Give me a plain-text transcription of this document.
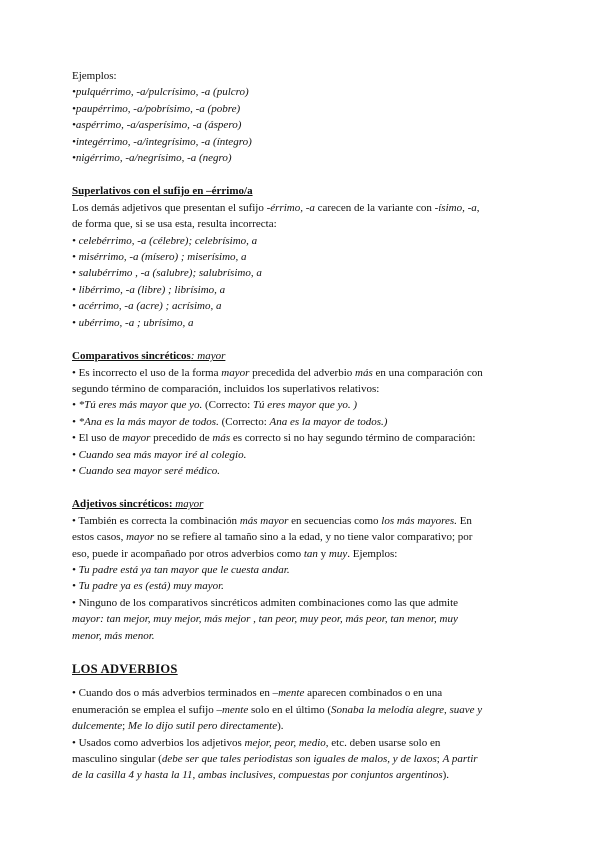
Ejemplos:
•pulquérrimo, -a/pulcrísimo, -a (pulcro)
•paupérrimo, -a/pobrísimo, -a (pobre)
•aspérrimo, -a/asperísimo, -a (áspero)
•integérrimo, -a/integrísimo, -a (íntegro)
•nigérrimo, -a/negrísimo, -a (negro)
Superlativos con el sufijo en –érrimo/a
Los demás adjetivos que presentan el sufijo -érrimo, -a carecen de la variante con -ísimo, -a,
de forma que, si se usa esta, resulta incorrecta:
• celebérrimo, -a (célebre); celebrísimo, a
• misérrimo, -a (mísero) ; miserísimo, a
• salubérrimo , -a (salubre); salubrísimo, a
• libérrimo, -a (libre) ; librísimo, a
• acérrimo, -a (acre) ; acrísimo, a
• ubérrimo, -a ; ubrísimo, a
Comparativos sincréticos: mayor
• Es incorrecto el uso de la forma mayor precedida del adverbio más en una comparación con
segundo término de comparación, incluidos los superlativos relativos:
• *Tú eres más mayor que yo. (Correcto: Tú eres mayor que yo. )
• *Ana es la más mayor de todos. (Correcto: Ana es la mayor de todos.)
• El uso de mayor precedido de más es correcto si no hay segundo término de comparación:
• Cuando sea más mayor iré al colegio.
• Cuando sea mayor seré médico.
Adjetivos sincréticos: mayor
• También es correcta la combinación más mayor en secuencias como los más mayores. En
estos casos, mayor no se refiere al tamaño sino a la edad, y no tiene valor comparativo; por
eso, puede ir acompañado por otros adverbios como tan y muy. Ejemplos:
• Tu padre está ya tan mayor que le cuesta andar.
• Tu padre ya es (está) muy mayor.
• Ninguno de los comparativos sincréticos admiten combinaciones como las que admite
mayor: tan mejor, muy mejor, más mejor , tan peor, muy peor, más peor, tan menor, muy
menor, más menor.
LOS ADVERBIOS
• Cuando dos o más adverbios terminados en –mente aparecen combinados o en una
enumeración se emplea el sufijo –mente solo en el último (Sonaba la melodía alegre, suave y
dulcemente; Me lo dijo sutil pero directamente).
• Usados como adverbios los adjetivos mejor, peor, medio, etc. deben usarse solo en
masculino singular (debe ser que tales periodistas son iguales de malos, y de laxos; A partir
de la casilla 4 y hasta la 11, ambas inclusives, compuestas por conjuntos argentinos).
